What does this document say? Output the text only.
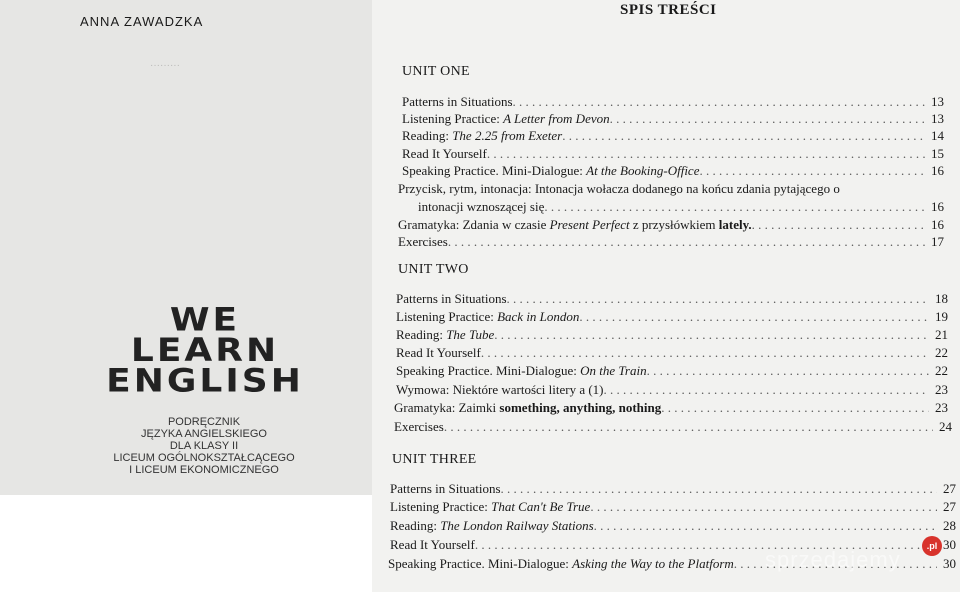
·········
ANNA ZAWADZKA
WE
LEARN
ENGLISH
PODRĘCZNIK
JĘZYKA ANGIELSKIEGO
DLA KLASY II
LICEUM OGÓLNOKSZTAŁCĄCEGO
I LICEUM EKONOMICZNEGO
SPIS TREŚCI
UNIT ONE
Patterns in Situations . . .	13
Listening Practice: A Letter from Devon . . .	13
Reading: The 2.25 from Exeter . . .	14
Read It Yourself . . .	15
Speaking Practice. Mini-Dialogue: At the Booking-Office . . .	16
Przycisk, rytm, intonacja: Intonacja wołacza dodanego na końcu zdania pytającego o
intonacji wznoszącej się . . .	16
Gramatyka: Zdania w czasie Present Perfect z przysłówkiem lately. . . .	16
Exercises . . .	17
UNIT TWO
Patterns in Situations . . .	18
Listening Practice: Back in London . . .	19
Reading: The Tube . . .	21
Read It Yourself . . .	22
Speaking Practice. Mini-Dialogue: On the Train . . .	22
Wymowa: Niektóre wartości litery a (1) . . .	23
Gramatyka: Zaimki something, anything, nothing . . .	23
Exercises . . .	24
UNIT THREE
Patterns in Situations . . .	27
Listening Practice: That Can't Be True . . .	27
Reading: The London Railway Stations . . .	28
Read It Yourself . . .	30
Speaking Practice. Mini-Dialogue: Asking the Way to the Platform . . .	30
sprzedajemy
.pl
